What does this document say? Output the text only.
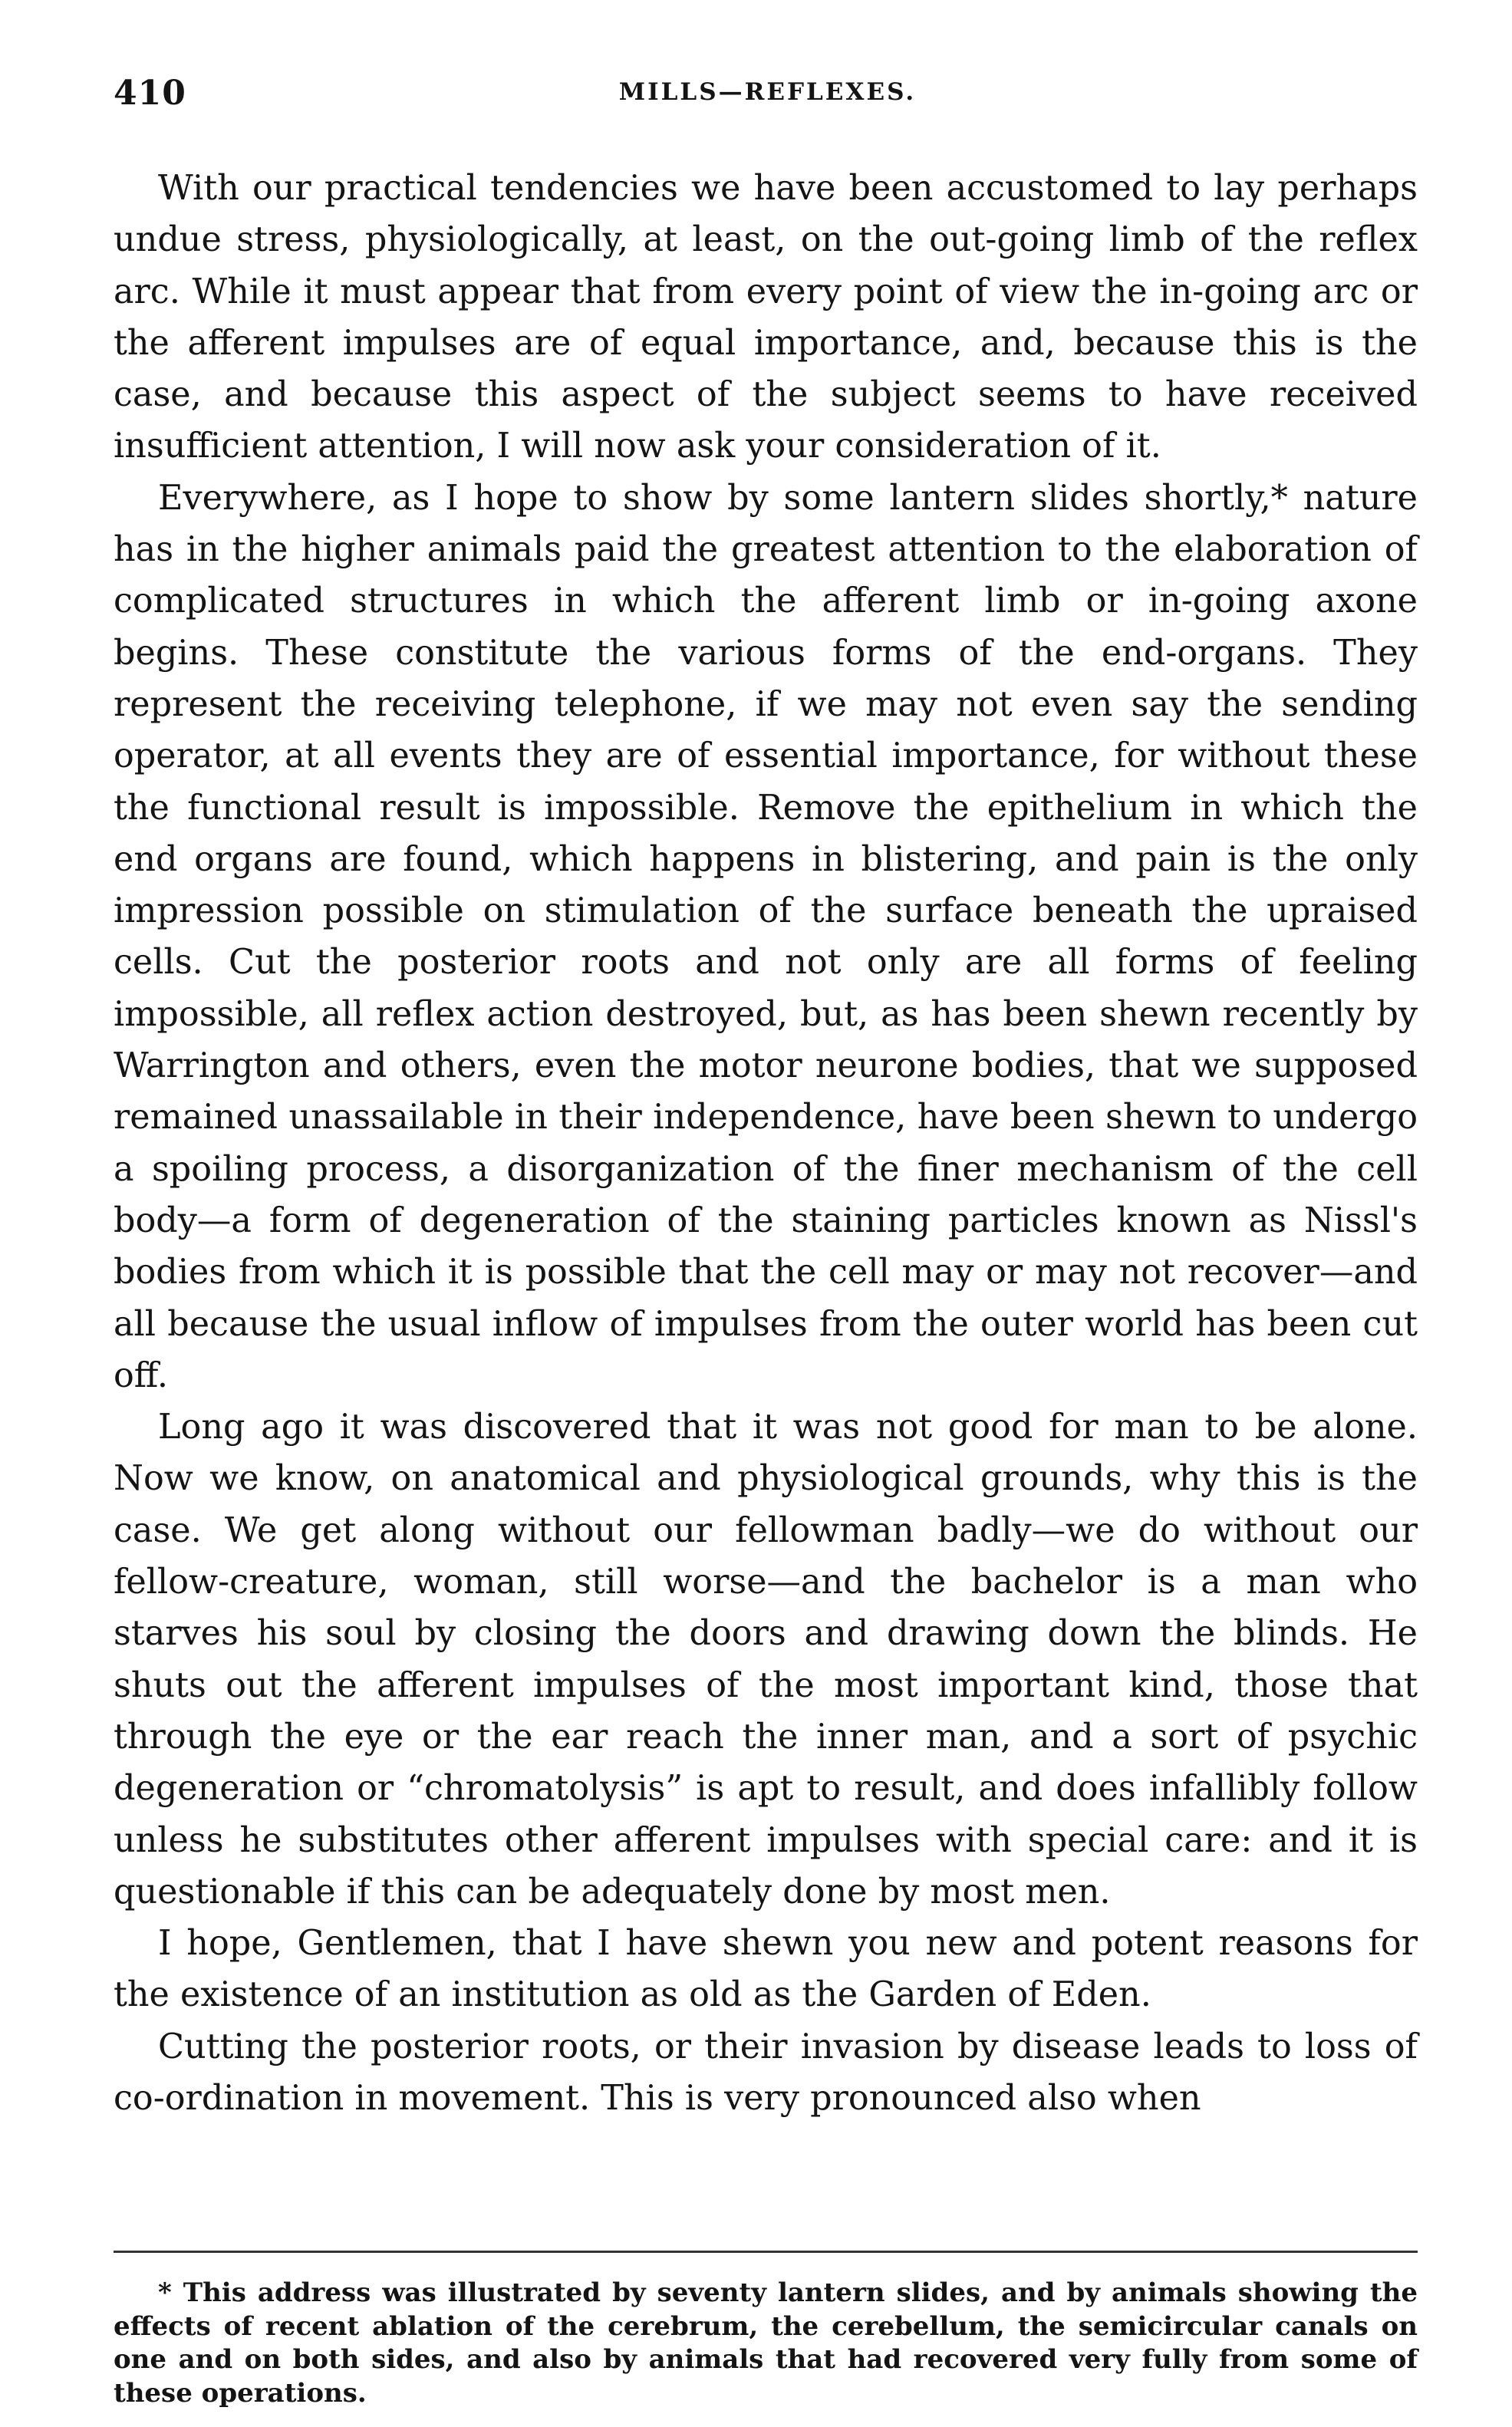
410	MILLS—REFLEXES.

With our practical tendencies we have been accustomed to lay perhaps undue stress, physiologically, at least, on the out-going limb of the reflex arc. While it must appear that from every point of view the in-going arc or the afferent impulses are of equal importance, and, because this is the case, and because this aspect of the subject seems to have received insufficient attention, I will now ask your consideration of it.

Everywhere, as I hope to show by some lantern slides shortly,* nature has in the higher animals paid the greatest attention to the elaboration of complicated structures in which the afferent limb or in-going axone begins. These constitute the various forms of the end-organs. They represent the receiving telephone, if we may not even say the sending operator, at all events they are of essential importance, for without these the functional result is impossible. Remove the epithelium in which the end organs are found, which happens in blistering, and pain is the only impression possible on stimulation of the surface beneath the upraised cells. Cut the posterior roots and not only are all forms of feeling impossible, all reflex action destroyed, but, as has been shewn recently by Warrington and others, even the motor neurone bodies, that we supposed remained unassailable in their independence, have been shewn to undergo a spoiling process, a disorganization of the finer mechanism of the cell body—a form of degeneration of the staining particles known as Nissl's bodies from which it is possible that the cell may or may not recover—and all because the usual inflow of impulses from the outer world has been cut off.

Long ago it was discovered that it was not good for man to be alone. Now we know, on anatomical and physiological grounds, why this is the case. We get along without our fellowman badly—we do without our fellow-creature, woman, still worse—and the bachelor is a man who starves his soul by closing the doors and drawing down the blinds. He shuts out the afferent impulses of the most important kind, those that through the eye or the ear reach the inner man, and a sort of psychic degeneration or “chromatolysis” is apt to result, and does infallibly follow unless he substitutes other afferent impulses with special care: and it is questionable if this can be adequately done by most men.

I hope, Gentlemen, that I have shewn you new and potent reasons for the existence of an institution as old as the Garden of Eden.

Cutting the posterior roots, or their invasion by disease leads to loss of co-ordination in movement. This is very pronounced also when

* This address was illustrated by seventy lantern slides, and by animals showing the effects of recent ablation of the cerebrum, the cerebellum, the semicircular canals on one and on both sides, and also by animals that had recovered very fully from some of these operations.
